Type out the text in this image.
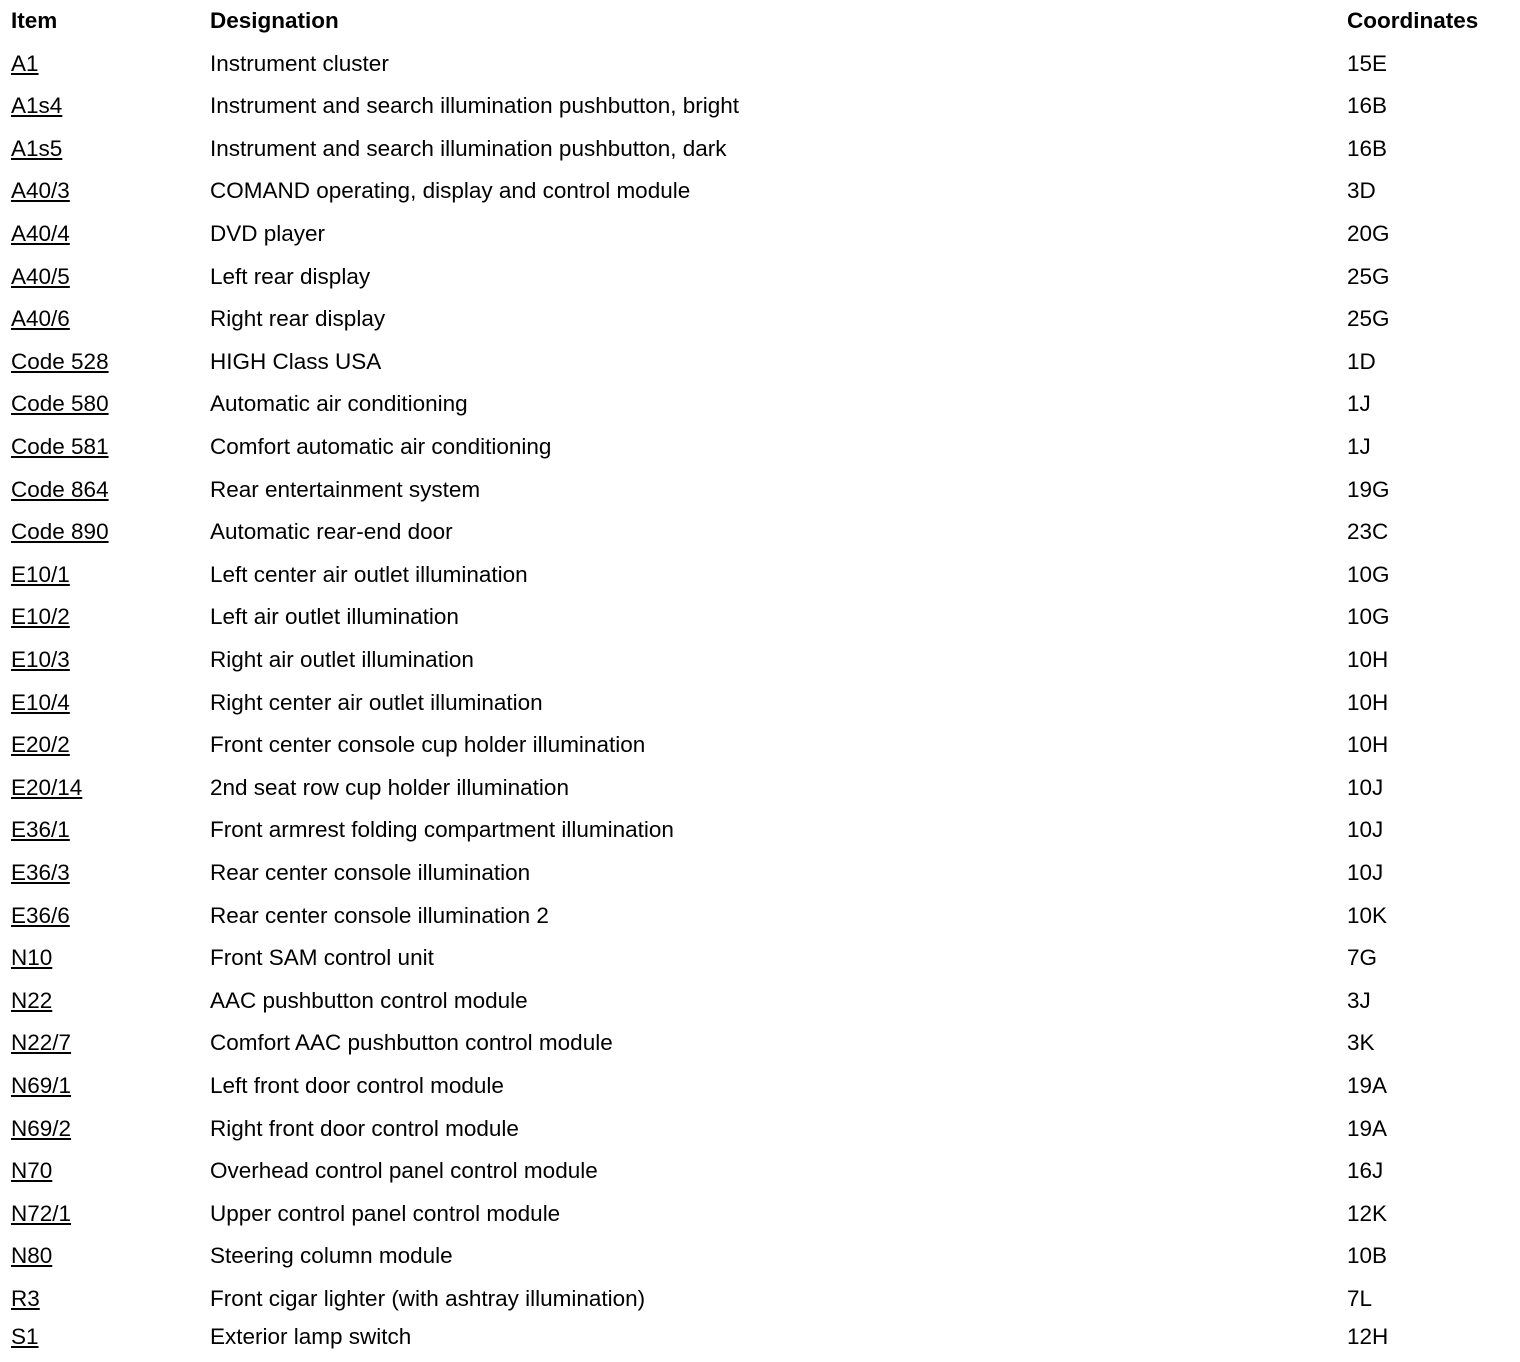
Item	Designation	Coordinates
A1	Instrument cluster	15E
A1s4	Instrument and search illumination pushbutton, bright	16B
A1s5	Instrument and search illumination pushbutton, dark	16B
A40/3	COMAND operating, display and control module	3D
A40/4	DVD player	20G
A40/5	Left rear display	25G
A40/6	Right rear display	25G
Code 528	HIGH Class USA	1D
Code 580	Automatic air conditioning	1J
Code 581	Comfort automatic air conditioning	1J
Code 864	Rear entertainment system	19G
Code 890	Automatic rear-end door	23C
E10/1	Left center air outlet illumination	10G
E10/2	Left air outlet illumination	10G
E10/3	Right air outlet illumination	10H
E10/4	Right center air outlet illumination	10H
E20/2	Front center console cup holder illumination	10H
E20/14	2nd seat row cup holder illumination	10J
E36/1	Front armrest folding compartment illumination	10J
E36/3	Rear center console illumination	10J
E36/6	Rear center console illumination 2	10K
N10	Front SAM control unit	7G
N22	AAC pushbutton control module	3J
N22/7	Comfort AAC pushbutton control module	3K
N69/1	Left front door control module	19A
N69/2	Right front door control module	19A
N70	Overhead control panel control module	16J
N72/1	Upper control panel control module	12K
N80	Steering column module	10B
R3	Front cigar lighter (with ashtray illumination)	7L
S1	Exterior lamp switch	12H
